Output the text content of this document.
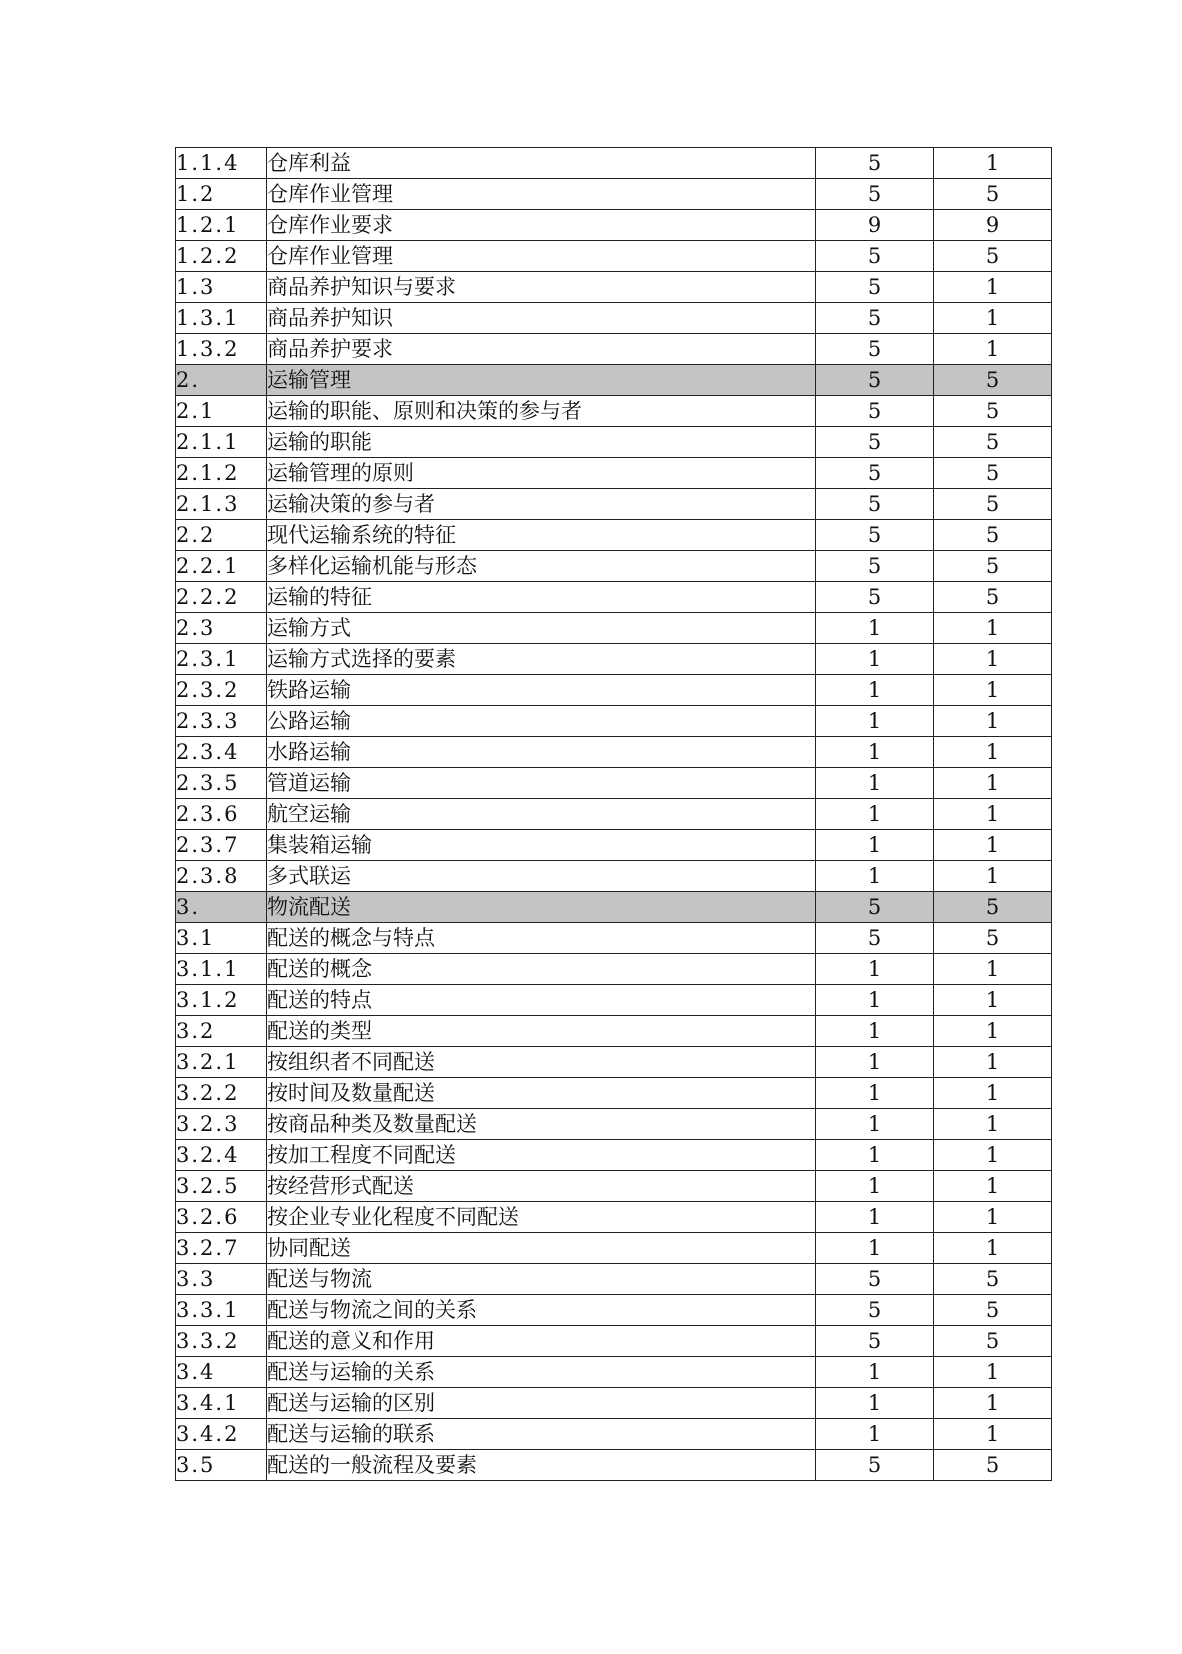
1.1.4	仓库利益	5	1
1.2	仓库作业管理	5	5
1.2.1	仓库作业要求	9	9
1.2.2	仓库作业管理	5	5
1.3	商品养护知识与要求	5	1
1.3.1	商品养护知识	5	1
1.3.2	商品养护要求	5	1
2.	运输管理	5	5
2.1	运输的职能、原则和决策的参与者	5	5
2.1.1	运输的职能	5	5
2.1.2	运输管理的原则	5	5
2.1.3	运输决策的参与者	5	5
2.2	现代运输系统的特征	5	5
2.2.1	多样化运输机能与形态	5	5
2.2.2	运输的特征	5	5
2.3	运输方式	1	1
2.3.1	运输方式选择的要素	1	1
2.3.2	铁路运输	1	1
2.3.3	公路运输	1	1
2.3.4	水路运输	1	1
2.3.5	管道运输	1	1
2.3.6	航空运输	1	1
2.3.7	集装箱运输	1	1
2.3.8	多式联运	1	1
3.	物流配送	5	5
3.1	配送的概念与特点	5	5
3.1.1	配送的概念	1	1
3.1.2	配送的特点	1	1
3.2	配送的类型	1	1
3.2.1	按组织者不同配送	1	1
3.2.2	按时间及数量配送	1	1
3.2.3	按商品种类及数量配送	1	1
3.2.4	按加工程度不同配送	1	1
3.2.5	按经营形式配送	1	1
3.2.6	按企业专业化程度不同配送	1	1
3.2.7	协同配送	1	1
3.3	配送与物流	5	5
3.3.1	配送与物流之间的关系	5	5
3.3.2	配送的意义和作用	5	5
3.4	配送与运输的关系	1	1
3.4.1	配送与运输的区别	1	1
3.4.2	配送与运输的联系	1	1
3.5	配送的一般流程及要素	5	5
